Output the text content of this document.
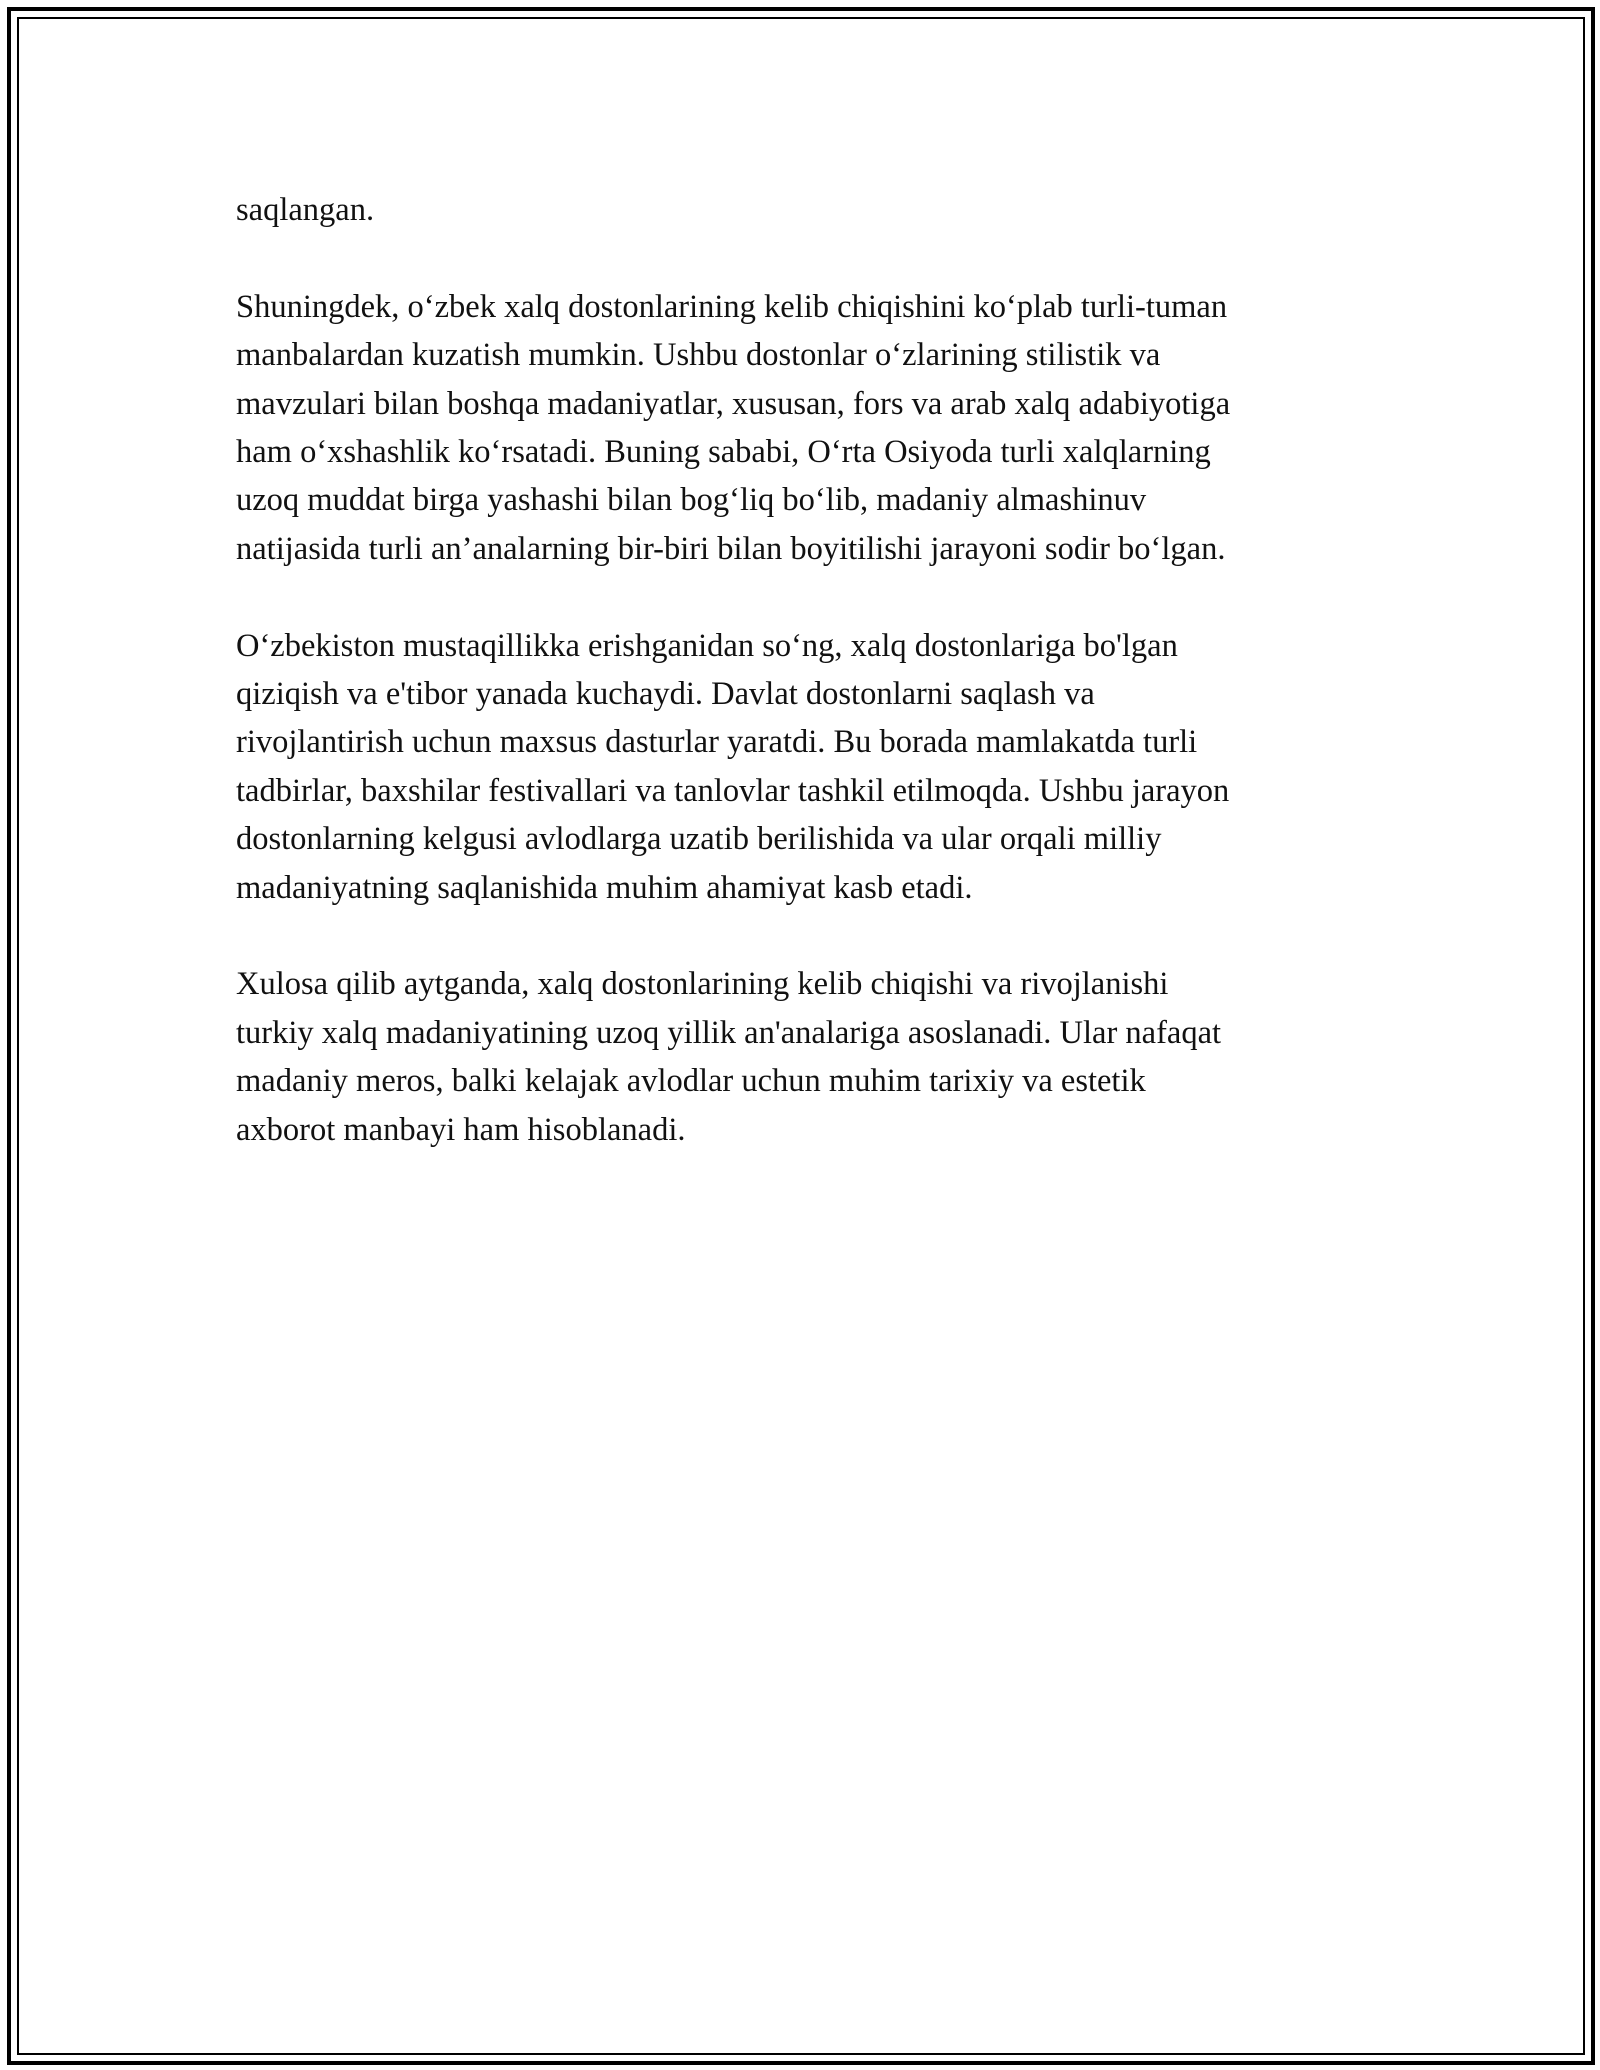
saqlangan.

Shuningdek, o‘zbek xalq dostonlarining kelib chiqishini ko‘plab turli-tuman
manbalardan kuzatish mumkin. Ushbu dostonlar o‘zlarining stilistik va
mavzulari bilan boshqa madaniyatlar, xususan, fors va arab xalq adabiyotiga
ham o‘xshashlik ko‘rsatadi. Buning sababi, O‘rta Osiyoda turli xalqlarning
uzoq muddat birga yashashi bilan bog‘liq bo‘lib, madaniy almashinuv
natijasida turli an’analarning bir-biri bilan boyitilishi jarayoni sodir bo‘lgan.

O‘zbekiston mustaqillikka erishganidan so‘ng, xalq dostonlariga bo'lgan
qiziqish va e'tibor yanada kuchaydi. Davlat dostonlarni saqlash va
rivojlantirish uchun maxsus dasturlar yaratdi. Bu borada mamlakatda turli
tadbirlar, baxshilar festivallari va tanlovlar tashkil etilmoqda. Ushbu jarayon
dostonlarning kelgusi avlodlarga uzatib berilishida va ular orqali milliy
madaniyatning saqlanishida muhim ahamiyat kasb etadi.

Xulosa qilib aytganda, xalq dostonlarining kelib chiqishi va rivojlanishi
turkiy xalq madaniyatining uzoq yillik an'analariga asoslanadi. Ular nafaqat
madaniy meros, balki kelajak avlodlar uchun muhim tarixiy va estetik
axborot manbayi ham hisoblanadi.
